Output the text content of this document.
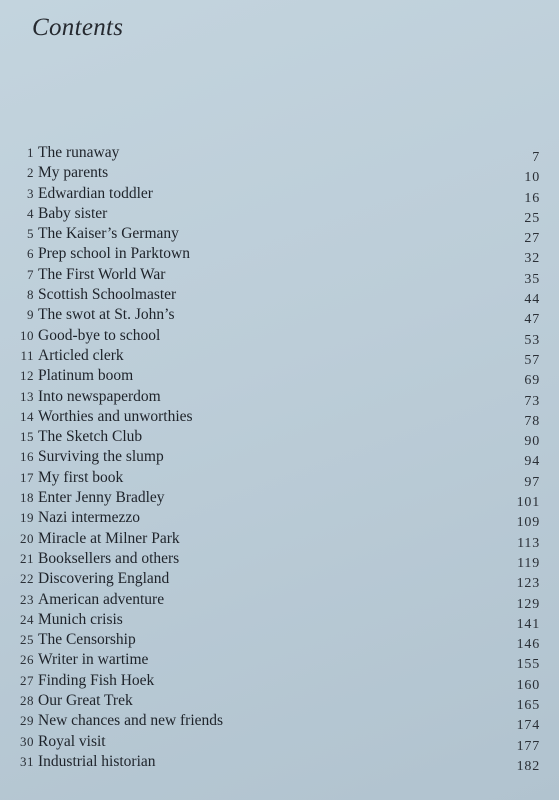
Contents
1 The runaway	7
2 My parents	10
3 Edwardian toddler	16
4 Baby sister	25
5 The Kaiser’s Germany	27
6 Prep school in Parktown	32
7 The First World War	35
8 Scottish Schoolmaster	44
9 The swot at St. John’s	47
10 Good-bye to school	53
11 Articled clerk	57
12 Platinum boom	69
13 Into newspaperdom	73
14 Worthies and unworthies	78
15 The Sketch Club	90
16 Surviving the slump	94
17 My first book	97
18 Enter Jenny Bradley	101
19 Nazi intermezzo	109
20 Miracle at Milner Park	113
21 Booksellers and others	119
22 Discovering England	123
23 American adventure	129
24 Munich crisis	141
25 The Censorship	146
26 Writer in wartime	155
27 Finding Fish Hoek	160
28 Our Great Trek	165
29 New chances and new friends	174
30 Royal visit	177
31 Industrial historian	182
